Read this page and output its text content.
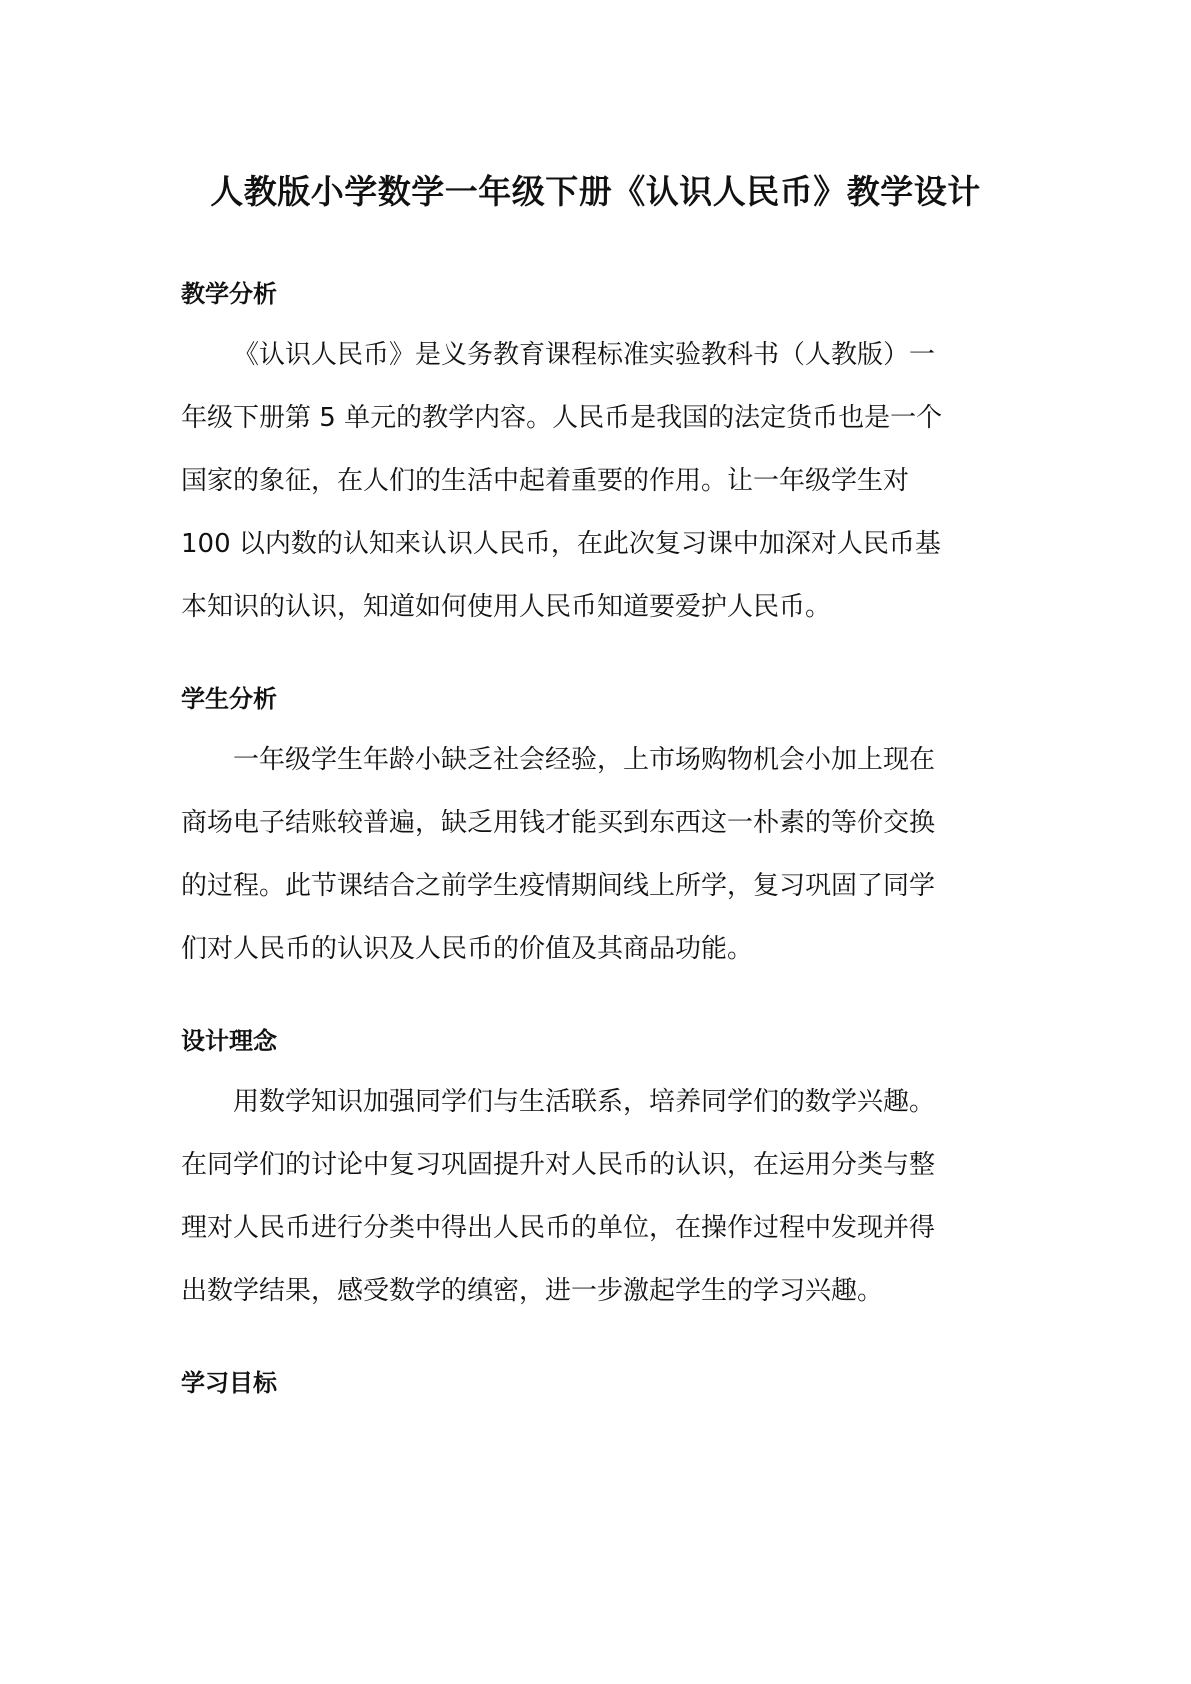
人教版小学数学一年级下册《认识人民币》教学设计
教学分析
《认识人民币》是义务教育课程标准实验教科书（人教版）一
年级下册第 5 单元的教学内容。人民币是我国的法定货币也是一个
国家的象征，在人们的生活中起着重要的作用。让一年级学生对
100 以内数的认知来认识人民币，在此次复习课中加深对人民币基
本知识的认识，知道如何使用人民币知道要爱护人民币。
学生分析
一年级学生年龄小缺乏社会经验，上市场购物机会小加上现在
商场电子结账较普遍，缺乏用钱才能买到东西这一朴素的等价交换
的过程。此节课结合之前学生疫情期间线上所学，复习巩固了同学
们对人民币的认识及人民币的价值及其商品功能。
设计理念
用数学知识加强同学们与生活联系，培养同学们的数学兴趣。
在同学们的讨论中复习巩固提升对人民币的认识，在运用分类与整
理对人民币进行分类中得出人民币的单位，在操作过程中发现并得
出数学结果，感受数学的缜密，进一步激起学生的学习兴趣。
学习目标
